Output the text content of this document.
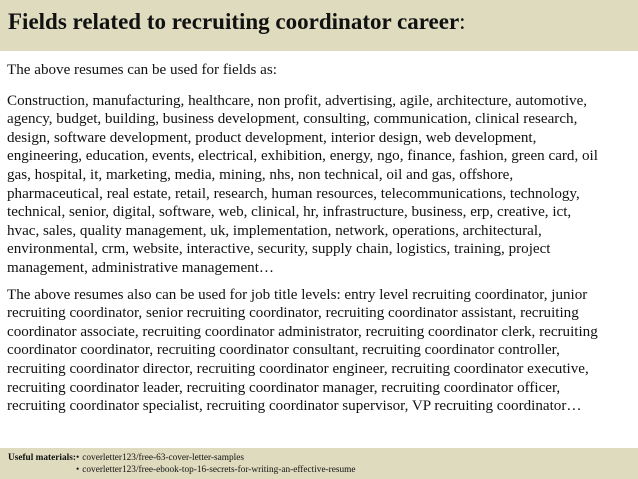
Fields related to recruiting coordinator career:
The above resumes can be used for fields as:
Construction, manufacturing, healthcare, non profit, advertising, agile, architecture, automotive,
agency, budget, building, business development, consulting, communication, clinical research,
design, software development, product development, interior design, web development,
engineering, education, events, electrical, exhibition, energy, ngo, finance, fashion, green card, oil
gas, hospital, it, marketing, media, mining, nhs, non technical, oil and gas, offshore,
pharmaceutical, real estate, retail, research, human resources, telecommunications, technology,
technical, senior, digital, software, web, clinical, hr, infrastructure, business, erp, creative, ict,
hvac, sales, quality management, uk, implementation, network, operations, architectural,
environmental, crm, website, interactive, security, supply chain, logistics, training, project
management, administrative management…
The above resumes also can be used for job title levels: entry level recruiting coordinator, junior
recruiting coordinator, senior recruiting coordinator, recruiting coordinator assistant, recruiting
coordinator associate, recruiting coordinator administrator, recruiting coordinator clerk, recruiting
coordinator coordinator, recruiting coordinator consultant, recruiting coordinator controller,
recruiting coordinator director, recruiting coordinator engineer, recruiting coordinator executive,
recruiting coordinator leader, recruiting coordinator manager, recruiting coordinator officer,
recruiting coordinator specialist, recruiting coordinator supervisor, VP recruiting coordinator…
Useful materials: • coverletter123/free-63-cover-letter-samples
• coverletter123/free-ebook-top-16-secrets-for-writing-an-effective-resume
